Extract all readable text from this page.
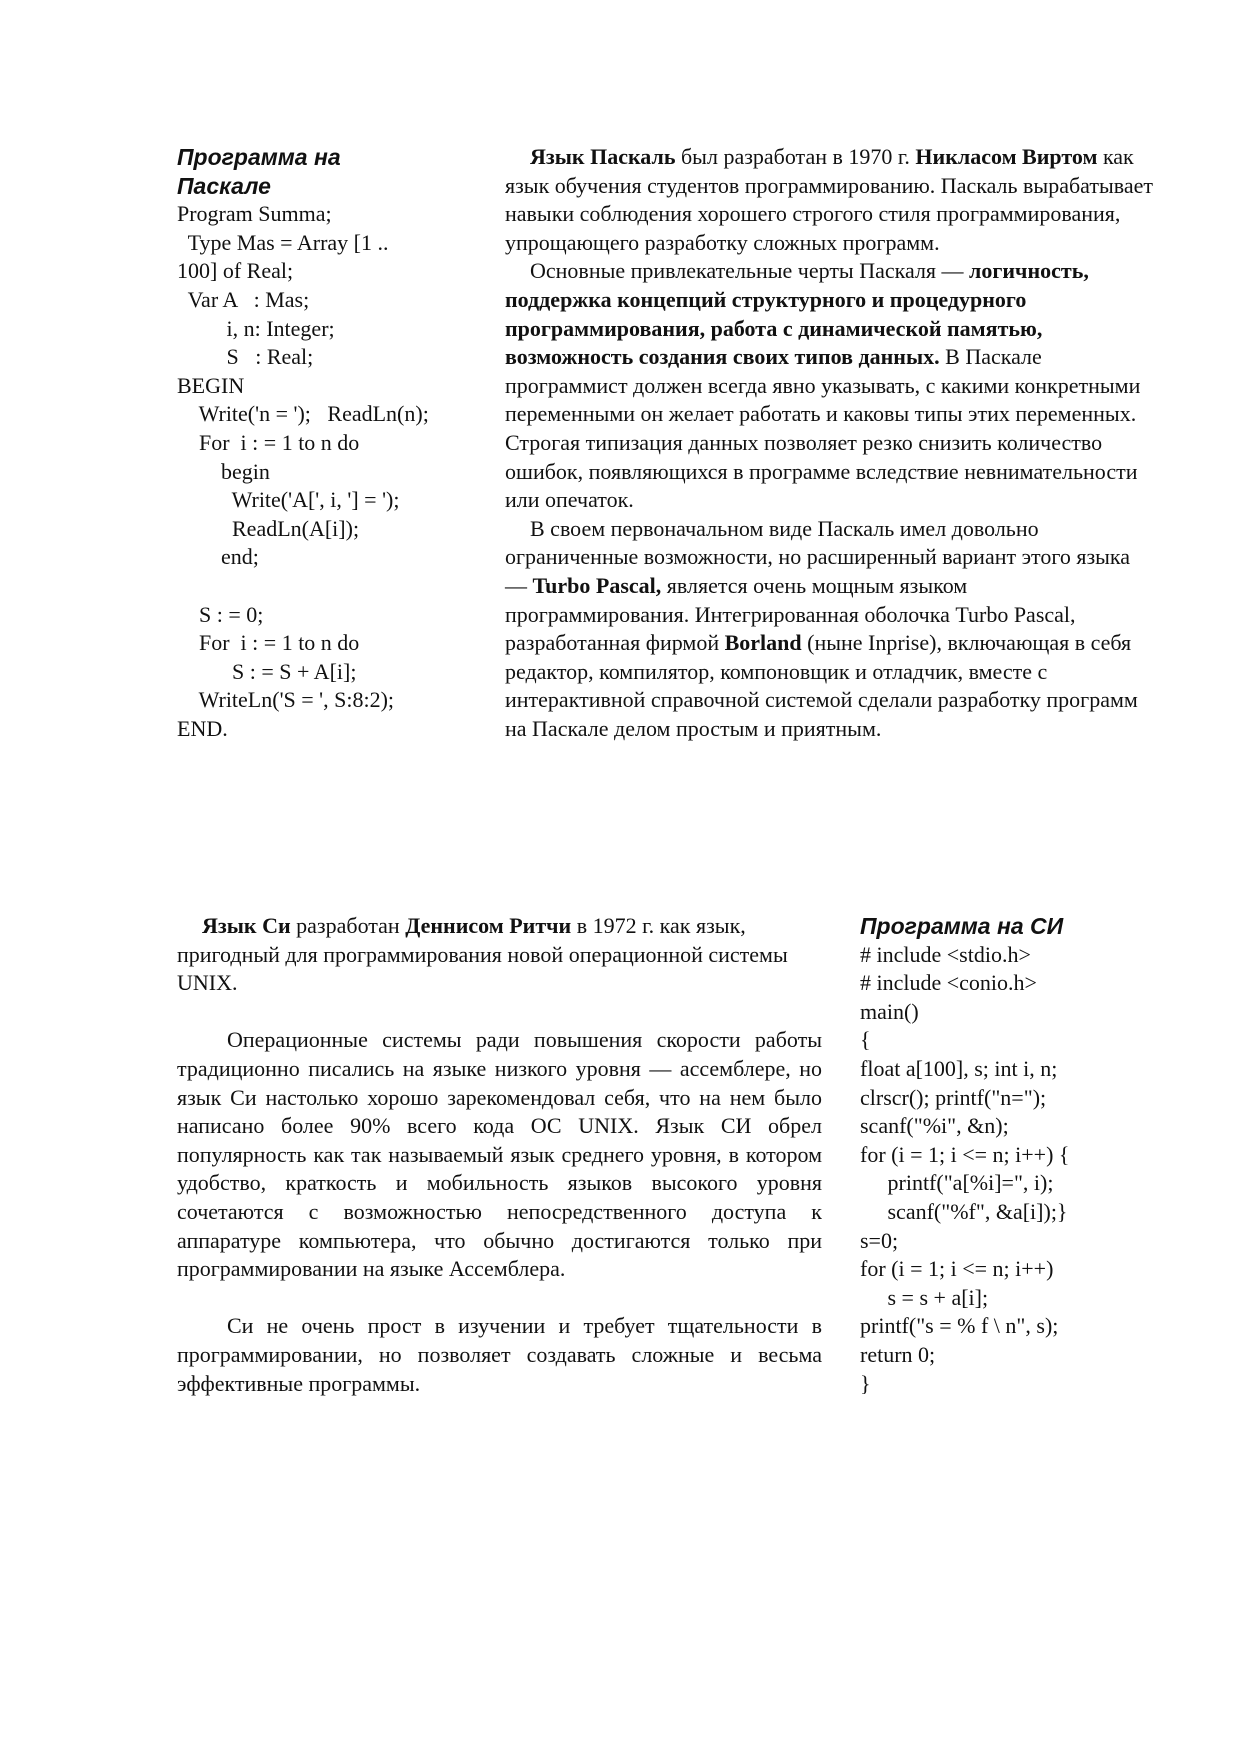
Программа на
Паскале
Program Summa;
Type Mas = Array [1 ..
100] of Real;
Var A   : Mas;
i, n: Integer;
S   : Real;
BEGIN
Write('n = ');   ReadLn(n);
For  i : = 1 to n do
begin
Write('A[', i, '] = ');
ReadLn(A[i]);
end;
S : = 0;
For  i : = 1 to n do
S : = S + A[i];
WriteLn('S = ', S:8:2);
END.

Язык Паскаль был разработан в 1970 г. Никласом Виртом как язык обучения студентов программированию. Паскаль вырабатывает навыки соблюдения хорошего строгого стиля программирования, упрощающего разработку сложных программ.

Основные привлекательные черты Паскаля — логичность, поддержка концепций структурного и процедурного программирования, работа с динамической памятью, возможность создания своих типов данных. В Паскале программист должен всегда явно указывать, с какими конкретными переменными он желает работать и каковы типы этих переменных. Строгая типизация данных позволяет резко снизить количество ошибок, появляющихся в программе вследствие невнимательности или опечаток.

В своем первоначальном виде Паскаль имел довольно ограниченные возможности, но расширенный вариант этого языка — Turbo Pascal, является очень мощным языком программирования. Интегрированная оболочка Turbo Pascal, разработанная фирмой Borland (ныне Inprise), включающая в себя редактор, компилятор, компоновщик и отладчик, вместе с интерактивной справочной системой сделали разработку программ на Паскале делом простым и приятным.

Язык Си разработан Деннисом Ритчи в 1972 г. как язык, пригодный для программирования новой операционной системы UNIX.

Операционные системы ради повышения скорости работы традиционно писались на языке низкого уровня — ассемблере, но язык Си настолько хорошо зарекомендовал себя, что на нем было написано более 90% всего кода ОС UNIX. Язык СИ обрел популярность как так называемый язык среднего уровня, в котором удобство, краткость и мобильность языков высокого уровня сочетаются с возможностью непосредственного доступа к аппаратуре компьютера, что обычно достигаются только при программировании на языке Ассемблера.

Си не очень прост в изучении и требует тщательности в программировании, но позволяет создавать сложные и весьма эффективные программы.

Программа на СИ
# include <stdio.h>
# include <conio.h>
main()
{
float a[100], s; int i, n;
clrscr(); printf("n=");
scanf("%i", &n);
for (i = 1; i <= n; i++) {
printf("a[%i]=", i);
scanf("%f", &a[i]);}
s=0;
for (i = 1; i <= n; i++)
s = s + a[i];
printf("s = % f \ n", s);
return 0;
}
